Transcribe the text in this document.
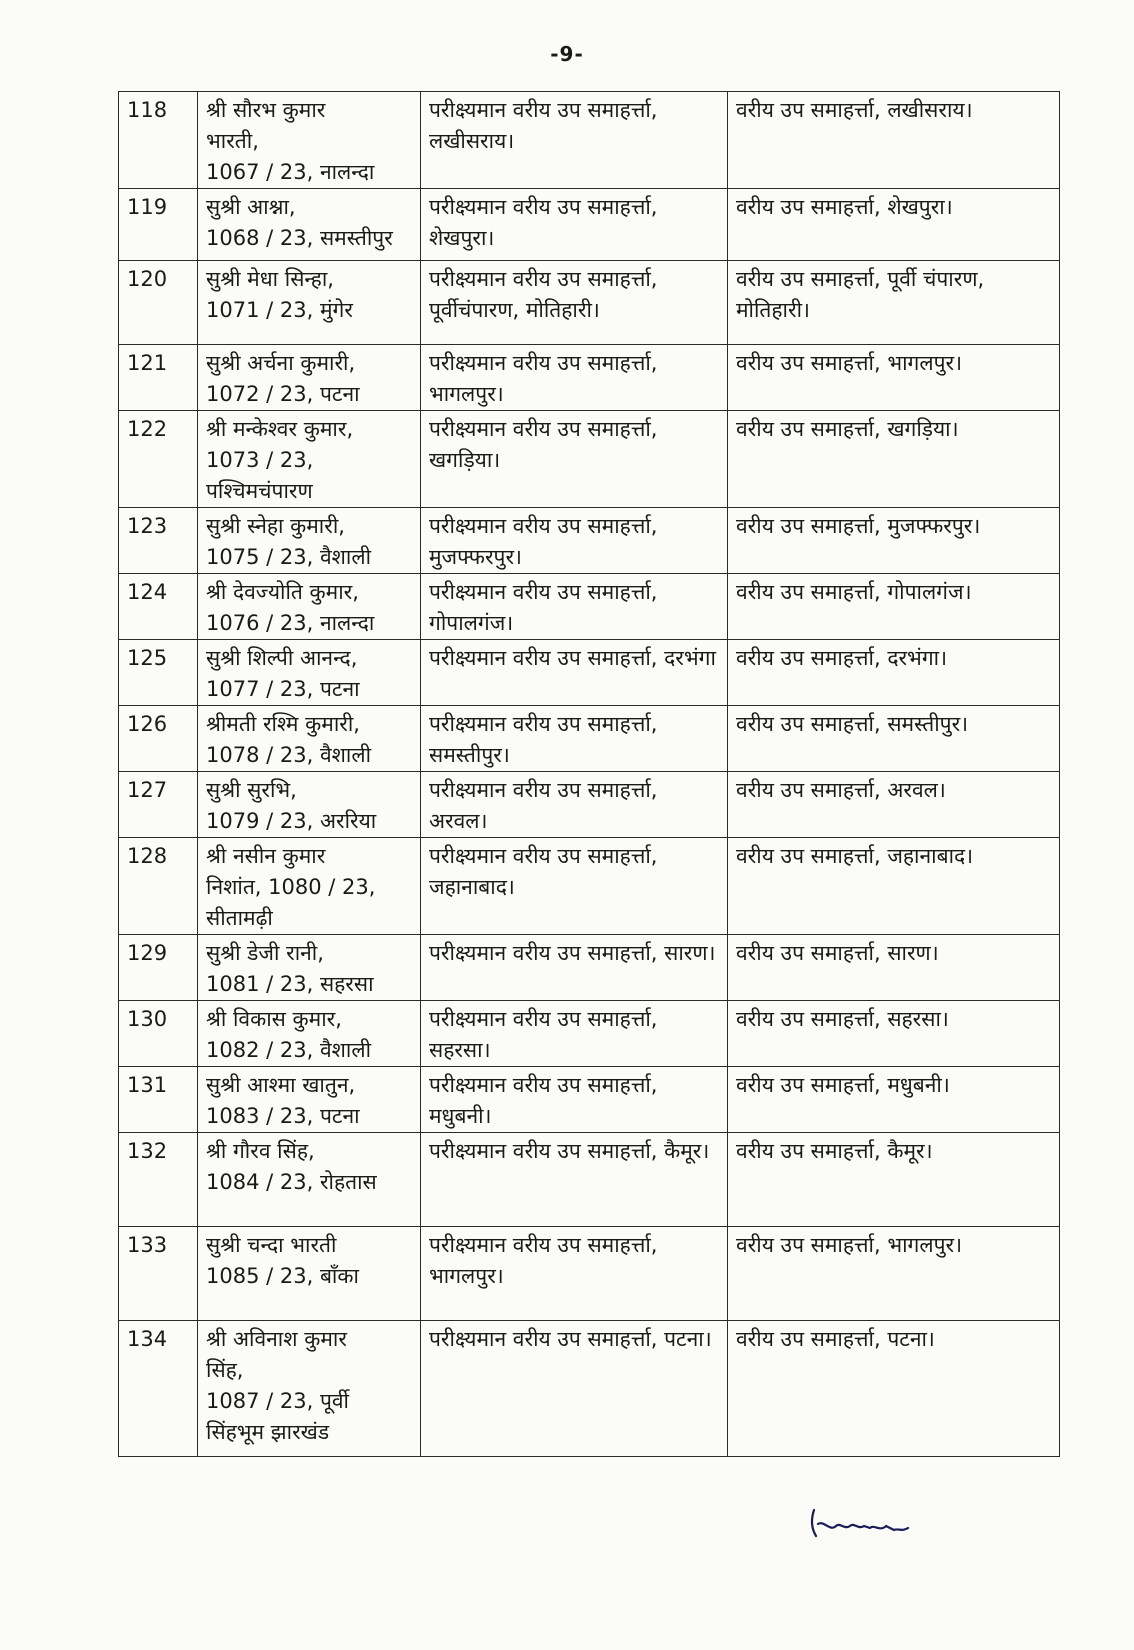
-9-
118	श्री सौरभ कुमार
भारती,
1067 / 23, नालन्दा	परीक्ष्यमान वरीय उप समाहर्त्ता, लखीसराय।	वरीय उप समाहर्त्ता, लखीसराय।
119	सुश्री आश्ना,
1068 / 23, समस्तीपुर	परीक्ष्यमान वरीय उप समाहर्त्ता, शेखपुरा।	वरीय उप समाहर्त्ता, शेखपुरा।
120	सुश्री मेधा सिन्हा,
1071 / 23, मुंगेर	परीक्ष्यमान वरीय उप समाहर्त्ता, पूर्वीचंपारण, मोतिहारी।	वरीय उप समाहर्त्ता, पूर्वी चंपारण, मोतिहारी।
121	सुश्री अर्चना कुमारी,
1072 / 23, पटना	परीक्ष्यमान वरीय उप समाहर्त्ता, भागलपुर।	वरीय उप समाहर्त्ता, भागलपुर।
122	श्री मन्केश्वर कुमार,
1073 / 23,
पश्चिमचंपारण	परीक्ष्यमान वरीय उप समाहर्त्ता, खगड़िया।	वरीय उप समाहर्त्ता, खगड़िया।
123	सुश्री स्नेहा कुमारी,
1075 / 23, वैशाली	परीक्ष्यमान वरीय उप समाहर्त्ता, मुजफ्फरपुर।	वरीय उप समाहर्त्ता, मुजफ्फरपुर।
124	श्री देवज्योति कुमार,
1076 / 23, नालन्दा	परीक्ष्यमान वरीय उप समाहर्त्ता, गोपालगंज।	वरीय उप समाहर्त्ता, गोपालगंज।
125	सुश्री शिल्पी आनन्द,
1077 / 23, पटना	परीक्ष्यमान वरीय उप समाहर्त्ता, दरभंगा	वरीय उप समाहर्त्ता, दरभंगा।
126	श्रीमती रश्मि कुमारी,
1078 / 23, वैशाली	परीक्ष्यमान वरीय उप समाहर्त्ता, समस्तीपुर।	वरीय उप समाहर्त्ता, समस्तीपुर।
127	सुश्री सुरभि,
1079 / 23, अररिया	परीक्ष्यमान वरीय उप समाहर्त्ता, अरवल।	वरीय उप समाहर्त्ता, अरवल।
128	श्री नसीन कुमार
निशांत, 1080 / 23,
सीतामढ़ी	परीक्ष्यमान वरीय उप समाहर्त्ता, जहानाबाद।	वरीय उप समाहर्त्ता, जहानाबाद।
129	सुश्री डेजी रानी,
1081 / 23, सहरसा	परीक्ष्यमान वरीय उप समाहर्त्ता, सारण।	वरीय उप समाहर्त्ता, सारण।
130	श्री विकास कुमार,
1082 / 23, वैशाली	परीक्ष्यमान वरीय उप समाहर्त्ता, सहरसा।	वरीय उप समाहर्त्ता, सहरसा।
131	सुश्री आश्मा खातुन,
1083 / 23, पटना	परीक्ष्यमान वरीय उप समाहर्त्ता, मधुबनी।	वरीय उप समाहर्त्ता, मधुबनी।
132	श्री गौरव सिंह,
1084 / 23, रोहतास	परीक्ष्यमान वरीय उप समाहर्त्ता, कैमूर।	वरीय उप समाहर्त्ता, कैमूर।
133	सुश्री चन्दा भारती
1085 / 23, बाँका	परीक्ष्यमान वरीय उप समाहर्त्ता, भागलपुर।	वरीय उप समाहर्त्ता, भागलपुर।
134	श्री अविनाश कुमार
सिंह,
1087 / 23, पूर्वी
सिंहभूम झारखंड	परीक्ष्यमान वरीय उप समाहर्त्ता, पटना।	वरीय उप समाहर्त्ता, पटना।
